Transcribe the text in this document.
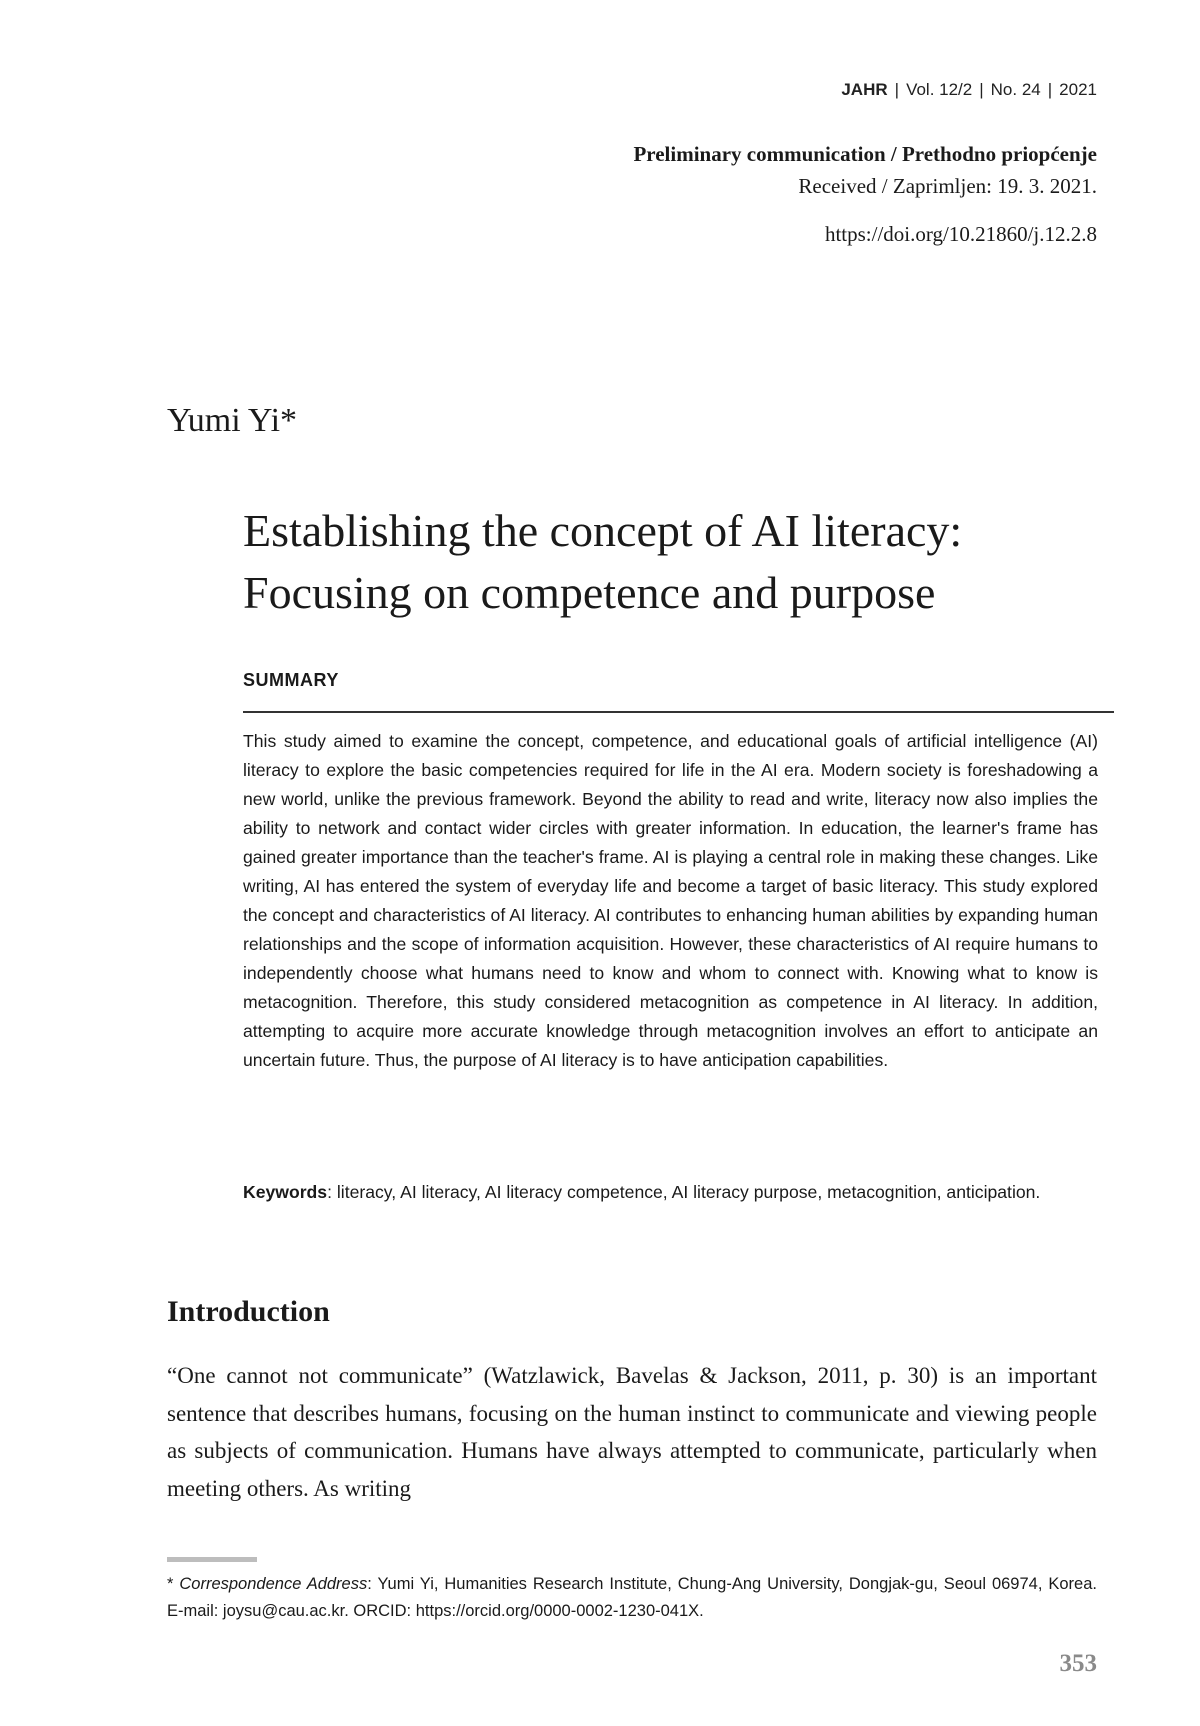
JAHR | Vol. 12/2 | No. 24 | 2021
Preliminary communication / Prethodno priopćenje
Received / Zaprimljen: 19. 3. 2021.
https://doi.org/10.21860/j.12.2.8
Yumi Yi*
Establishing the concept of AI literacy:
Focusing on competence and purpose
SUMMARY

This study aimed to examine the concept, competence, and educational goals of artificial intelligence (AI) literacy to explore the basic competencies required for life in the AI era. Modern society is foreshadowing a new world, unlike the previous framework. Beyond the ability to read and write, literacy now also implies the ability to network and contact wider circles with greater information. In education, the learner's frame has gained greater importance than the teacher's frame. AI is playing a central role in making these changes. Like writing, AI has entered the system of everyday life and become a target of basic literacy. This study explored the concept and characteristics of AI literacy. AI contributes to enhancing human abilities by expanding human relationships and the scope of information acquisition. However, these characteristics of AI require humans to independently choose what humans need to know and whom to connect with. Knowing what to know is metacognition. Therefore, this study considered metacognition as competence in AI literacy. In addition, attempting to acquire more accurate knowledge through metacognition involves an effort to anticipate an uncertain future. Thus, the purpose of AI literacy is to have anticipation capabilities.

Keywords: literacy, AI literacy, AI literacy competence, AI literacy purpose, metacognition, anticipation.

Introduction

“One cannot not communicate” (Watzlawick, Bavelas & Jackson, 2011, p. 30) is an important sentence that describes humans, focusing on the human instinct to communicate and viewing people as subjects of communication. Humans have always attempted to communicate, particularly when meeting others. As writing

* Correspondence Address: Yumi Yi, Humanities Research Institute, Chung-Ang University, Dongjak-gu, Seoul 06974, Korea. E-mail: joysu@cau.ac.kr. ORCID: https://orcid.org/0000-0002-1230-041X.

353
